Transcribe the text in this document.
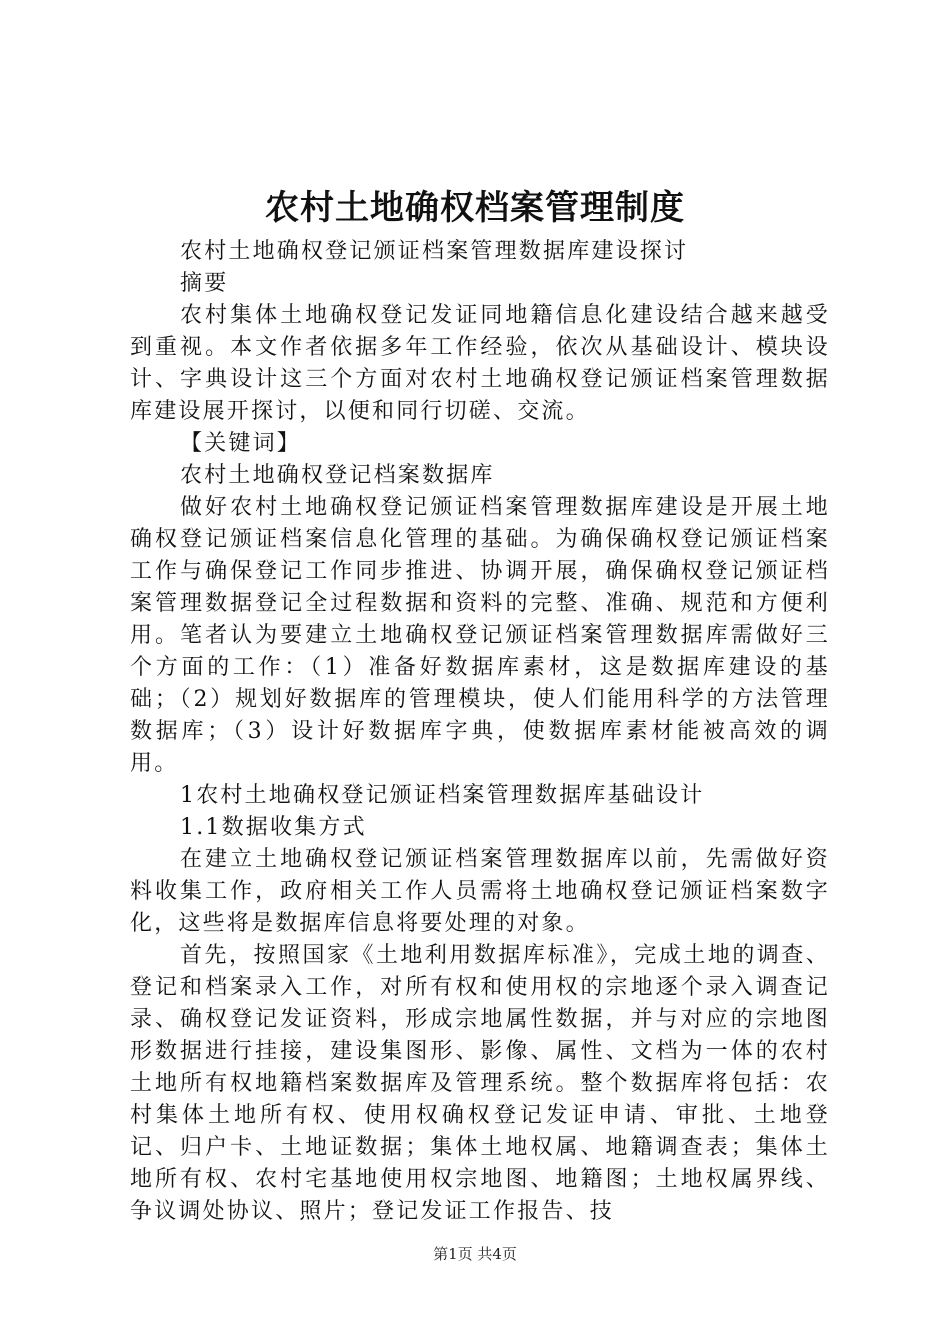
农村土地确权档案管理制度

农村土地确权登记颁证档案管理数据库建设探讨

摘要

农村集体土地确权登记发证同地籍信息化建设结合越来越受到重视。本文作者依据多年工作经验，依次从基础设计、模块设计、字典设计这三个方面对农村土地确权登记颁证档案管理数据库建设展开探讨，以便和同行切磋、交流。

【关键词】

农村土地确权登记档案数据库

做好农村土地确权登记颁证档案管理数据库建设是开展土地确权登记颁证档案信息化管理的基础。为确保确权登记颁证档案工作与确保登记工作同步推进、协调开展，确保确权登记颁证档案管理数据登记全过程数据和资料的完整、准确、规范和方便利用。笔者认为要建立土地确权登记颁证档案管理数据库需做好三个方面的工作：（1）准备好数据库素材，这是数据库建设的基础；（2）规划好数据库的管理模块，使人们能用科学的方法管理数据库；（3）设计好数据库字典，使数据库素材能被高效的调用。

1农村土地确权登记颁证档案管理数据库基础设计

1.1数据收集方式

在建立土地确权登记颁证档案管理数据库以前，先需做好资料收集工作，政府相关工作人员需将土地确权登记颁证档案数字化，这些将是数据库信息将要处理的对象。

首先，按照国家《土地利用数据库标准》，完成土地的调查、登记和档案录入工作，对所有权和使用权的宗地逐个录入调查记录、确权登记发证资料，形成宗地属性数据，并与对应的宗地图形数据进行挂接，建设集图形、影像、属性、文档为一体的农村土地所有权地籍档案数据库及管理系统。整个数据库将包括：农村集体土地所有权、使用权确权登记发证申请、审批、土地登记、归户卡、土地证数据；集体土地权属、地籍调查表；集体土地所有权、农村宅基地使用权宗地图、地籍图；土地权属界线、争议调处协议、照片；登记发证工作报告、技

第1页 共4页
